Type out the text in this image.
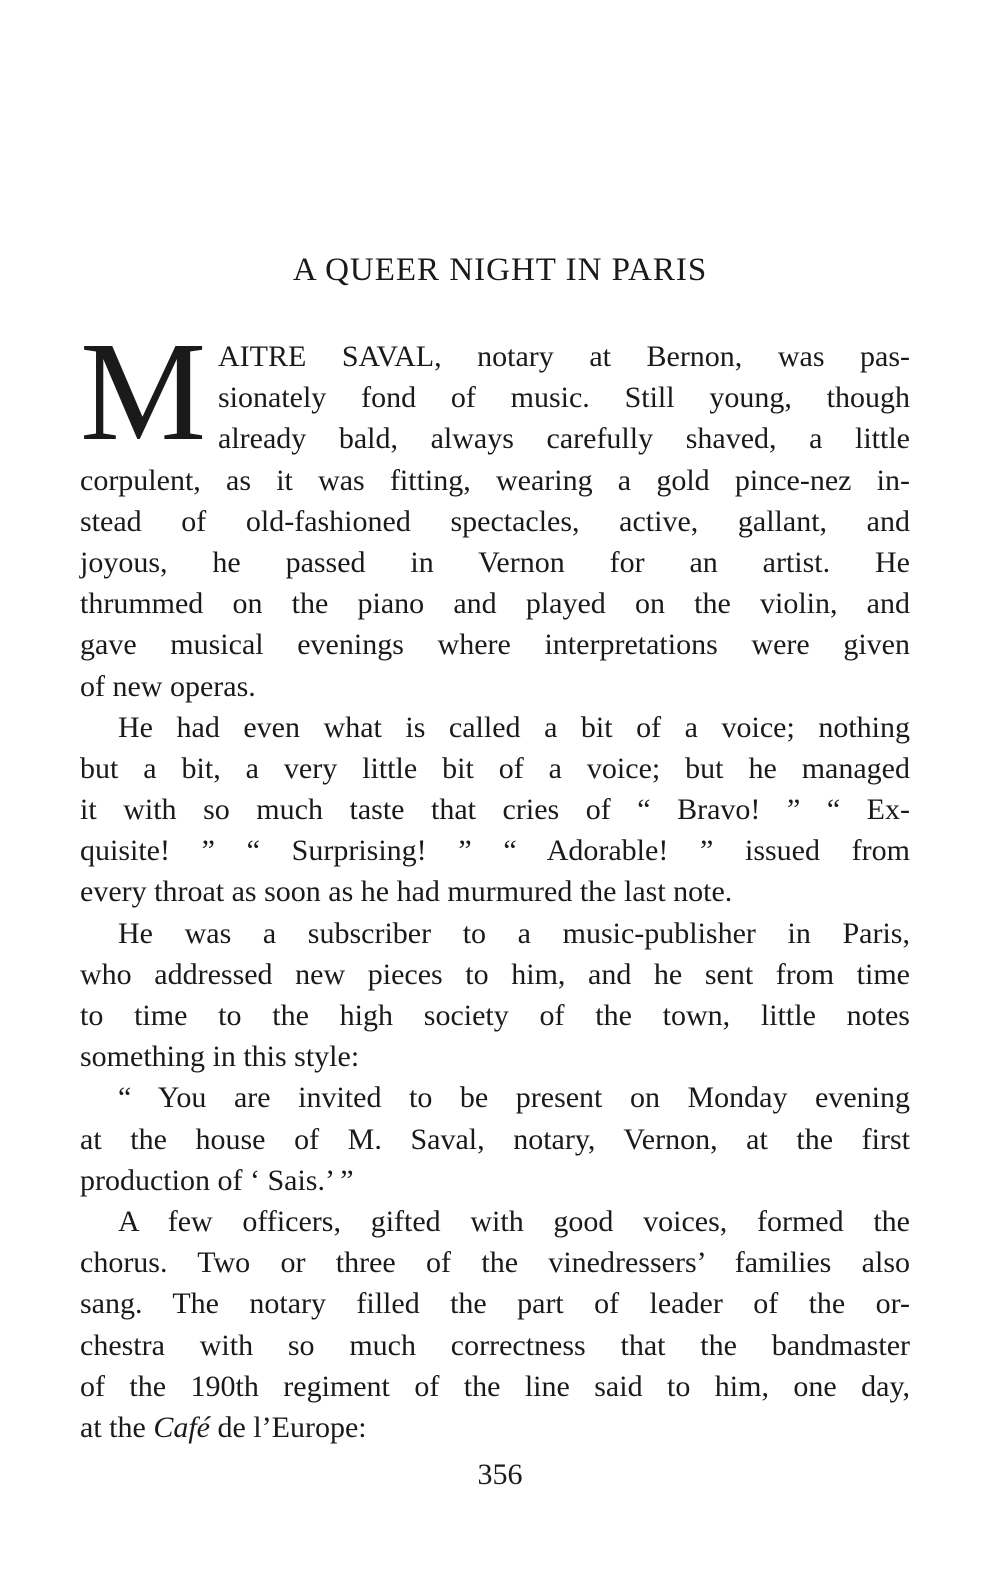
A QUEER NIGHT IN PARIS
M AITRE SAVAL, notary at Bernon, was pas-
sionately fond of music. Still young, though
already bald, always carefully shaved, a little
corpulent, as it was fitting, wearing a gold pince-nez in-
stead of old-fashioned spectacles, active, gallant, and
joyous, he passed in Vernon for an artist. He
thrummed on the piano and played on the violin, and
gave musical evenings where interpretations were given
of new operas.
He had even what is called a bit of a voice; nothing
but a bit, a very little bit of a voice; but he managed
it with so much taste that cries of “ Bravo! ” “ Ex-
quisite! ” “ Surprising! ” “ Adorable! ” issued from
every throat as soon as he had murmured the last note.
He was a subscriber to a music-publisher in Paris,
who addressed new pieces to him, and he sent from time
to time to the high society of the town, little notes
something in this style:
“ You are invited to be present on Monday evening
at the house of M. Saval, notary, Vernon, at the first
production of ‘ Sais.’ ”
A few officers, gifted with good voices, formed the
chorus. Two or three of the vinedressers’ families also
sang. The notary filled the part of leader of the or-
chestra with so much correctness that the bandmaster
of the 190th regiment of the line said to him, one day,
at the Café de l’Europe:
356
